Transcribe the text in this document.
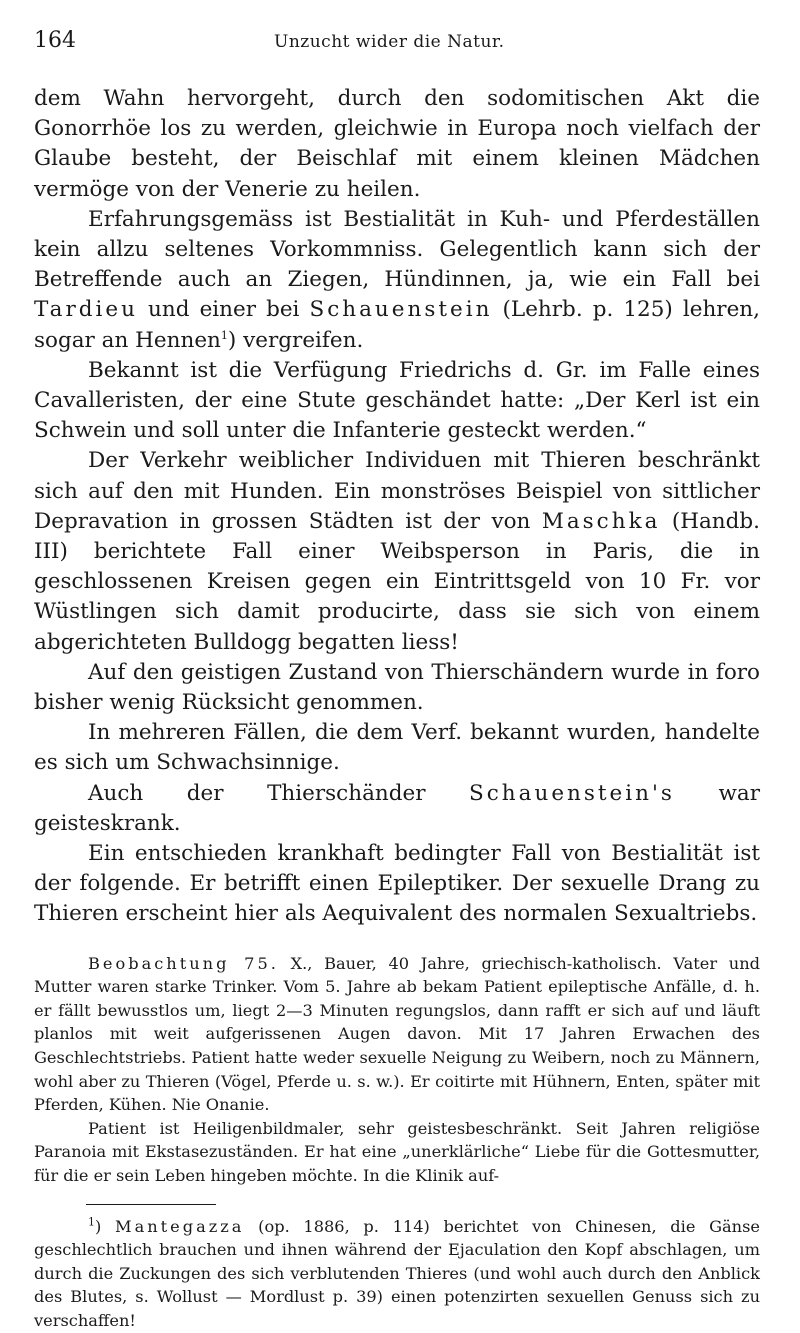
164	Unzucht wider die Natur.

dem Wahn hervorgeht, durch den sodomitischen Akt die Gonorrhöe los zu werden, gleichwie in Europa noch vielfach der Glaube besteht, der Beischlaf mit einem kleinen Mädchen vermöge von der Venerie zu heilen.

Erfahrungsgemäss ist Bestialität in Kuh- und Pferdeställen kein allzu seltenes Vorkommniss. Gelegentlich kann sich der Betreffende auch an Ziegen, Hündinnen, ja, wie ein Fall bei Tardieu und einer bei Schauenstein (Lehrb. p. 125) lehren, sogar an Hennen$^1$) vergreifen.

Bekannt ist die Verfügung Friedrichs d. Gr. im Falle eines Cavalleristen, der eine Stute geschändet hatte: „Der Kerl ist ein Schwein und soll unter die Infanterie gesteckt werden.“

Der Verkehr weiblicher Individuen mit Thieren beschränkt sich auf den mit Hunden. Ein monströses Beispiel von sittlicher Depravation in grossen Städten ist der von Maschka (Handb. III) berichtete Fall einer Weibsperson in Paris, die in geschlossenen Kreisen gegen ein Eintrittsgeld von 10 Fr. vor Wüstlingen sich damit producirte, dass sie sich von einem abgerichteten Bulldogg begatten liess!

Auf den geistigen Zustand von Thierschändern wurde in foro bisher wenig Rücksicht genommen.

In mehreren Fällen, die dem Verf. bekannt wurden, handelte es sich um Schwachsinnige.

Auch der Thierschänder Schauenstein's war geisteskrank.

Ein entschieden krankhaft bedingter Fall von Bestialität ist der folgende. Er betrifft einen Epileptiker. Der sexuelle Drang zu Thieren erscheint hier als Aequivalent des normalen Sexualtriebs.

Beobachtung 75. X., Bauer, 40 Jahre, griechisch-katholisch. Vater und Mutter waren starke Trinker. Vom 5. Jahre ab bekam Patient epileptische Anfälle, d. h. er fällt bewusstlos um, liegt 2—3 Minuten regungslos, dann rafft er sich auf und läuft planlos mit weit aufgerissenen Augen davon. Mit 17 Jahren Erwachen des Geschlechtstriebs. Patient hatte weder sexuelle Neigung zu Weibern, noch zu Männern, wohl aber zu Thieren (Vögel, Pferde u. s. w.). Er coitirte mit Hühnern, Enten, später mit Pferden, Kühen. Nie Onanie.

Patient ist Heiligenbildmaler, sehr geistesbeschränkt. Seit Jahren religiöse Paranoia mit Ekstasezuständen. Er hat eine „unerklärliche“ Liebe für die Gottesmutter, für die er sein Leben hingeben möchte. In die Klinik auf-

$^1$) Mantegazza (op. 1886, p. 114) berichtet von Chinesen, die Gänse geschlechtlich brauchen und ihnen während der Ejaculation den Kopf abschlagen, um durch die Zuckungen des sich verblutenden Thieres (und wohl auch durch den Anblick des Blutes, s. Wollust — Mordlust p. 39) einen potenzirten sexuellen Genuss sich zu verschaffen!
